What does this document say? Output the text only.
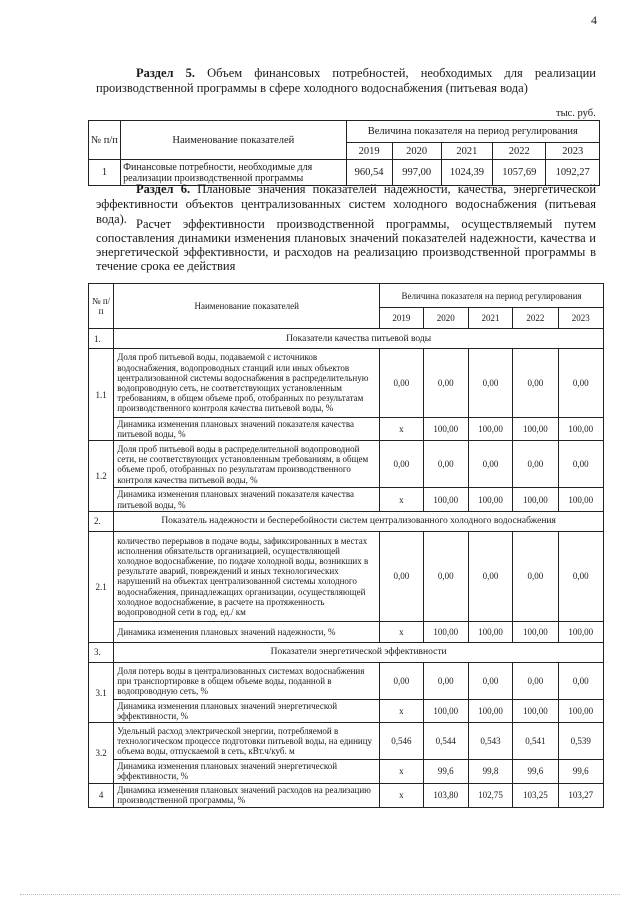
4
Раздел 5. Объем финансовых потребностей, необходимых для реализации производственной программы в сфере холодного водоснабжения (питьевая вода)
тыс. руб.
№ п/п	Наименование показателей	Величина показателя на период регулирования				
		2019	2020	2021	2022	2023
1	Финансовые потребности, необходимые для реализации производственной программы	960,54	997,00	1024,39	1057,69	1092,27
Раздел 6. Плановые значения показателей надежности, качества, энергетической эффективности объектов централизованных систем холодного водоснабжения (питьевая вода). Расчет эффективности производственной программы, осуществляемый путем сопоставления динамики изменения плановых значений показателей надежности, качества и энергетической эффективности, и расходов на реализацию производственной программы в течение срока ее действия
№ п/ п	Наименование показателей	Величина показателя на период регулирования				
		2019	2020	2021	2022	2023
1.	Показатели качества питьевой воды					
1.1	Доля проб питьевой воды, подаваемой с источников водоснабжения, водопроводных станций или иных объектов централизованной системы водоснабжения в распределительную водопроводную сеть, не соответствующих установленным требованиям, в общем объеме проб, отобранных по результатам производственного контроля качества питьевой воды, %	0,00	0,00	0,00	0,00	0,00
	Динамика изменения плановых значений показателя качества питьевой воды, %	x	100,00	100,00	100,00	100,00
1.2	Доля проб питьевой воды в распределительной водопроводной сети, не соответствующих установленным требованиям, в общем объеме проб, отобранных по результатам производственного контроля качества питьевой воды, %	0,00	0,00	0,00	0,00	0,00
	Динамика изменения плановых значений показателя качества питьевой воды, %	x	100,00	100,00	100,00	100,00
2.	Показатель надежности и бесперебойности систем централизованного холодного водоснабжения					
2.1	количество перерывов в подаче воды, зафиксированных в местах исполнения обязательств организацией, осуществляющей холодное водоснабжение, по подаче холодной воды, возникших в результате аварий, повреждений и иных технологических нарушений на объектах централизованной системы холодного водоснабжения, принадлежащих организации, осуществляющей холодное водоснабжение, в расчете на протяженность водопроводной сети в год, ед./ км	0,00	0,00	0,00	0,00	0,00
	Динамика изменения плановых значений надежности, %	x	100,00	100,00	100,00	100,00
3.	Показатели энергетической эффективности					
3.1	Доля потерь воды в централизованных системах водоснабжения при транспортировке в общем объеме воды, поданной в водопроводную сеть, %	0,00	0,00	0,00	0,00	0,00
	Динамика изменения плановых значений энергетической эффективности, %	x	100,00	100,00	100,00	100,00
3.2	Удельный расход электрической энергии, потребляемой в технологическом процессе подготовки питьевой воды, на единицу объема воды, отпускаемой в сеть, кВт.ч/куб. м	0,546	0,544	0,543	0,541	0,539
	Динамика изменения плановых значений энергетической эффективности, %	x	99,6	99,8	99,6	99,6
4	Динамика изменения плановых значений расходов на реализацию производственной программы, %	x	103,80	102,75	103,25	103,27
